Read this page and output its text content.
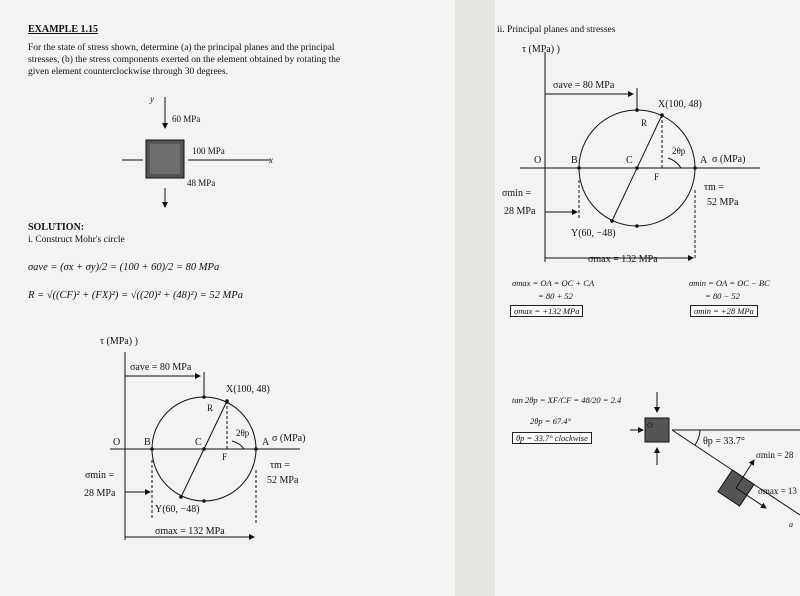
EXAMPLE 1.15
For the state of stress shown, determine (a) the principal planes and the principal
stresses, (b) the stress components exerted on the element obtained by rotating the
given element counterclockwise through 30 degrees.
SOLUTION:
i. Construct Mohr's circle
σave = (σx + σy)/2 = (100 + 60)/2 = 80 MPa
R = √((CF)² + (FX)²) = √((20)² + (48)²) = 52 MPa
ii. Principal planes and stresses
σmax = OA = OC + CA
= 80 + 52
σmax = +132 MPa
σmin = OA = OC − BC
= 80 − 52
σmin = +28 MPa
tan 2θp = XF/CF = 48/20 = 2.4
2θp = 67.4°
θp = 33.7° clockwise
y
x
60 MPa
100 MPa
48 MPa
τ (MPa) )
σave = 80 MPa
X(100, 48)
Y(60, −48)
O B	C	A
R
F
2θp σ (MPa)
σmin =
28 MPa
τm =
52 MPa
σmax = 132 MPa
τ (MPa) )
σave = 80 MPa
X(100, 48)
Y(60, −48)
O	B	C	A
R
F
2θp
σ (MPa)
σmin =
28 MPa
τm =
52 MPa
σmax = 132 MPa
O
θp = 33.7°
σmin = 28
σmax = 13
a
